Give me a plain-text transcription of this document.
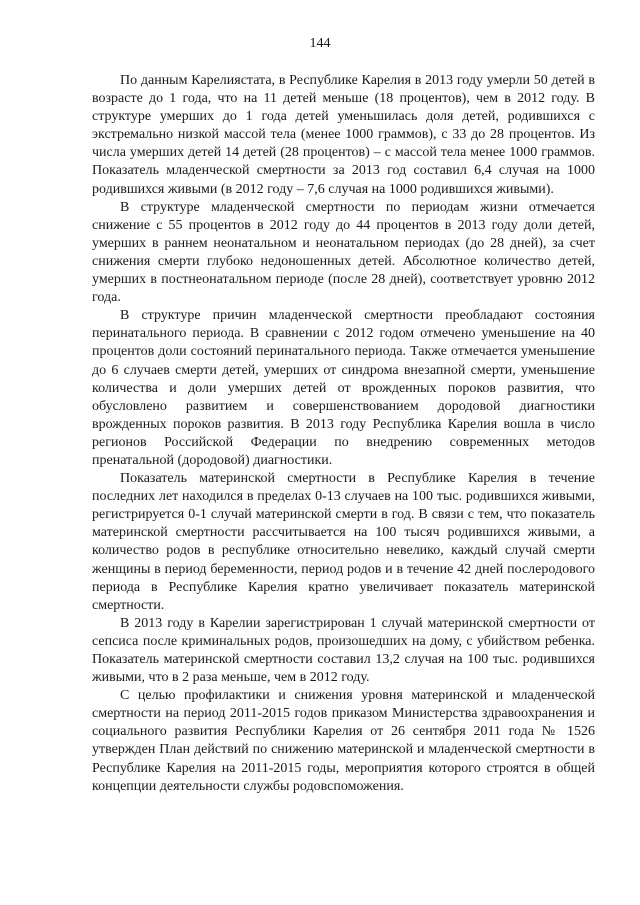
144

По данным Карелиястата, в Республике Карелия в 2013 году умерли 50 детей в возрасте до 1 года, что на 11 детей меньше (18 процентов), чем в 2012 году. В структуре умерших до 1 года детей уменьшилась доля детей, родившихся с экстремально низкой массой тела (менее 1000 граммов), с 33 до 28 процентов. Из числа умерших детей 14 детей (28 процентов) – с массой тела менее 1000 граммов. Показатель младенческой смертности за 2013 год составил 6,4 случая на 1000 родившихся живыми (в 2012 году – 7,6 случая на 1000 родившихся живыми).

В структуре младенческой смертности по периодам жизни отмечается снижение с 55 процентов в 2012 году до 44 процентов в 2013 году доли детей, умерших в раннем неонатальном и неонатальном периодах (до 28 дней), за счет снижения смерти глубоко недоношенных детей. Абсолютное количество детей, умерших в постнеонатальном периоде (после 28 дней), соответствует уровню 2012 года.

В структуре причин младенческой смертности преобладают состояния перинатального периода. В сравнении с 2012 годом отмечено уменьшение на 40 процентов доли состояний перинатального периода. Также отмечается уменьшение до 6 случаев смерти детей, умерших от синдрома внезапной смерти, уменьшение количества и доли умерших детей от врожденных пороков развития, что обусловлено развитием и совершенствованием дородовой диагностики врожденных пороков развития. В 2013 году Республика Карелия вошла в число регионов Российской Федерации по внедрению современных методов пренатальной (дородовой) диагностики.

Показатель материнской смертности в Республике Карелия в течение последних лет находился в пределах 0-13 случаев на 100 тыс. родившихся живыми, регистрируется 0-1 случай материнской смерти в год. В связи с тем, что показатель материнской смертности рассчитывается на 100 тысяч родившихся живыми, а количество родов в республике относительно невелико, каждый случай смерти женщины в период беременности, период родов и в течение 42 дней послеродового периода в Республике Карелия кратно увеличивает показатель материнской смертности.

В 2013 году в Карелии зарегистрирован 1 случай материнской смертности от сепсиса после криминальных родов, произошедших на дому, с убийством ребенка. Показатель материнской смертности составил 13,2 случая на 100 тыс. родившихся живыми, что в 2 раза меньше, чем в 2012 году.

С целью профилактики и снижения уровня материнской и младенческой смертности на период 2011-2015 годов приказом Министерства здравоохранения и социального развития Республики Карелия от 26 сентября 2011 года № 1526 утвержден План действий по снижению материнской и младенческой смертности в Республике Карелия на 2011-2015 годы, мероприятия которого строятся в общей концепции деятельности службы родовспоможения.
